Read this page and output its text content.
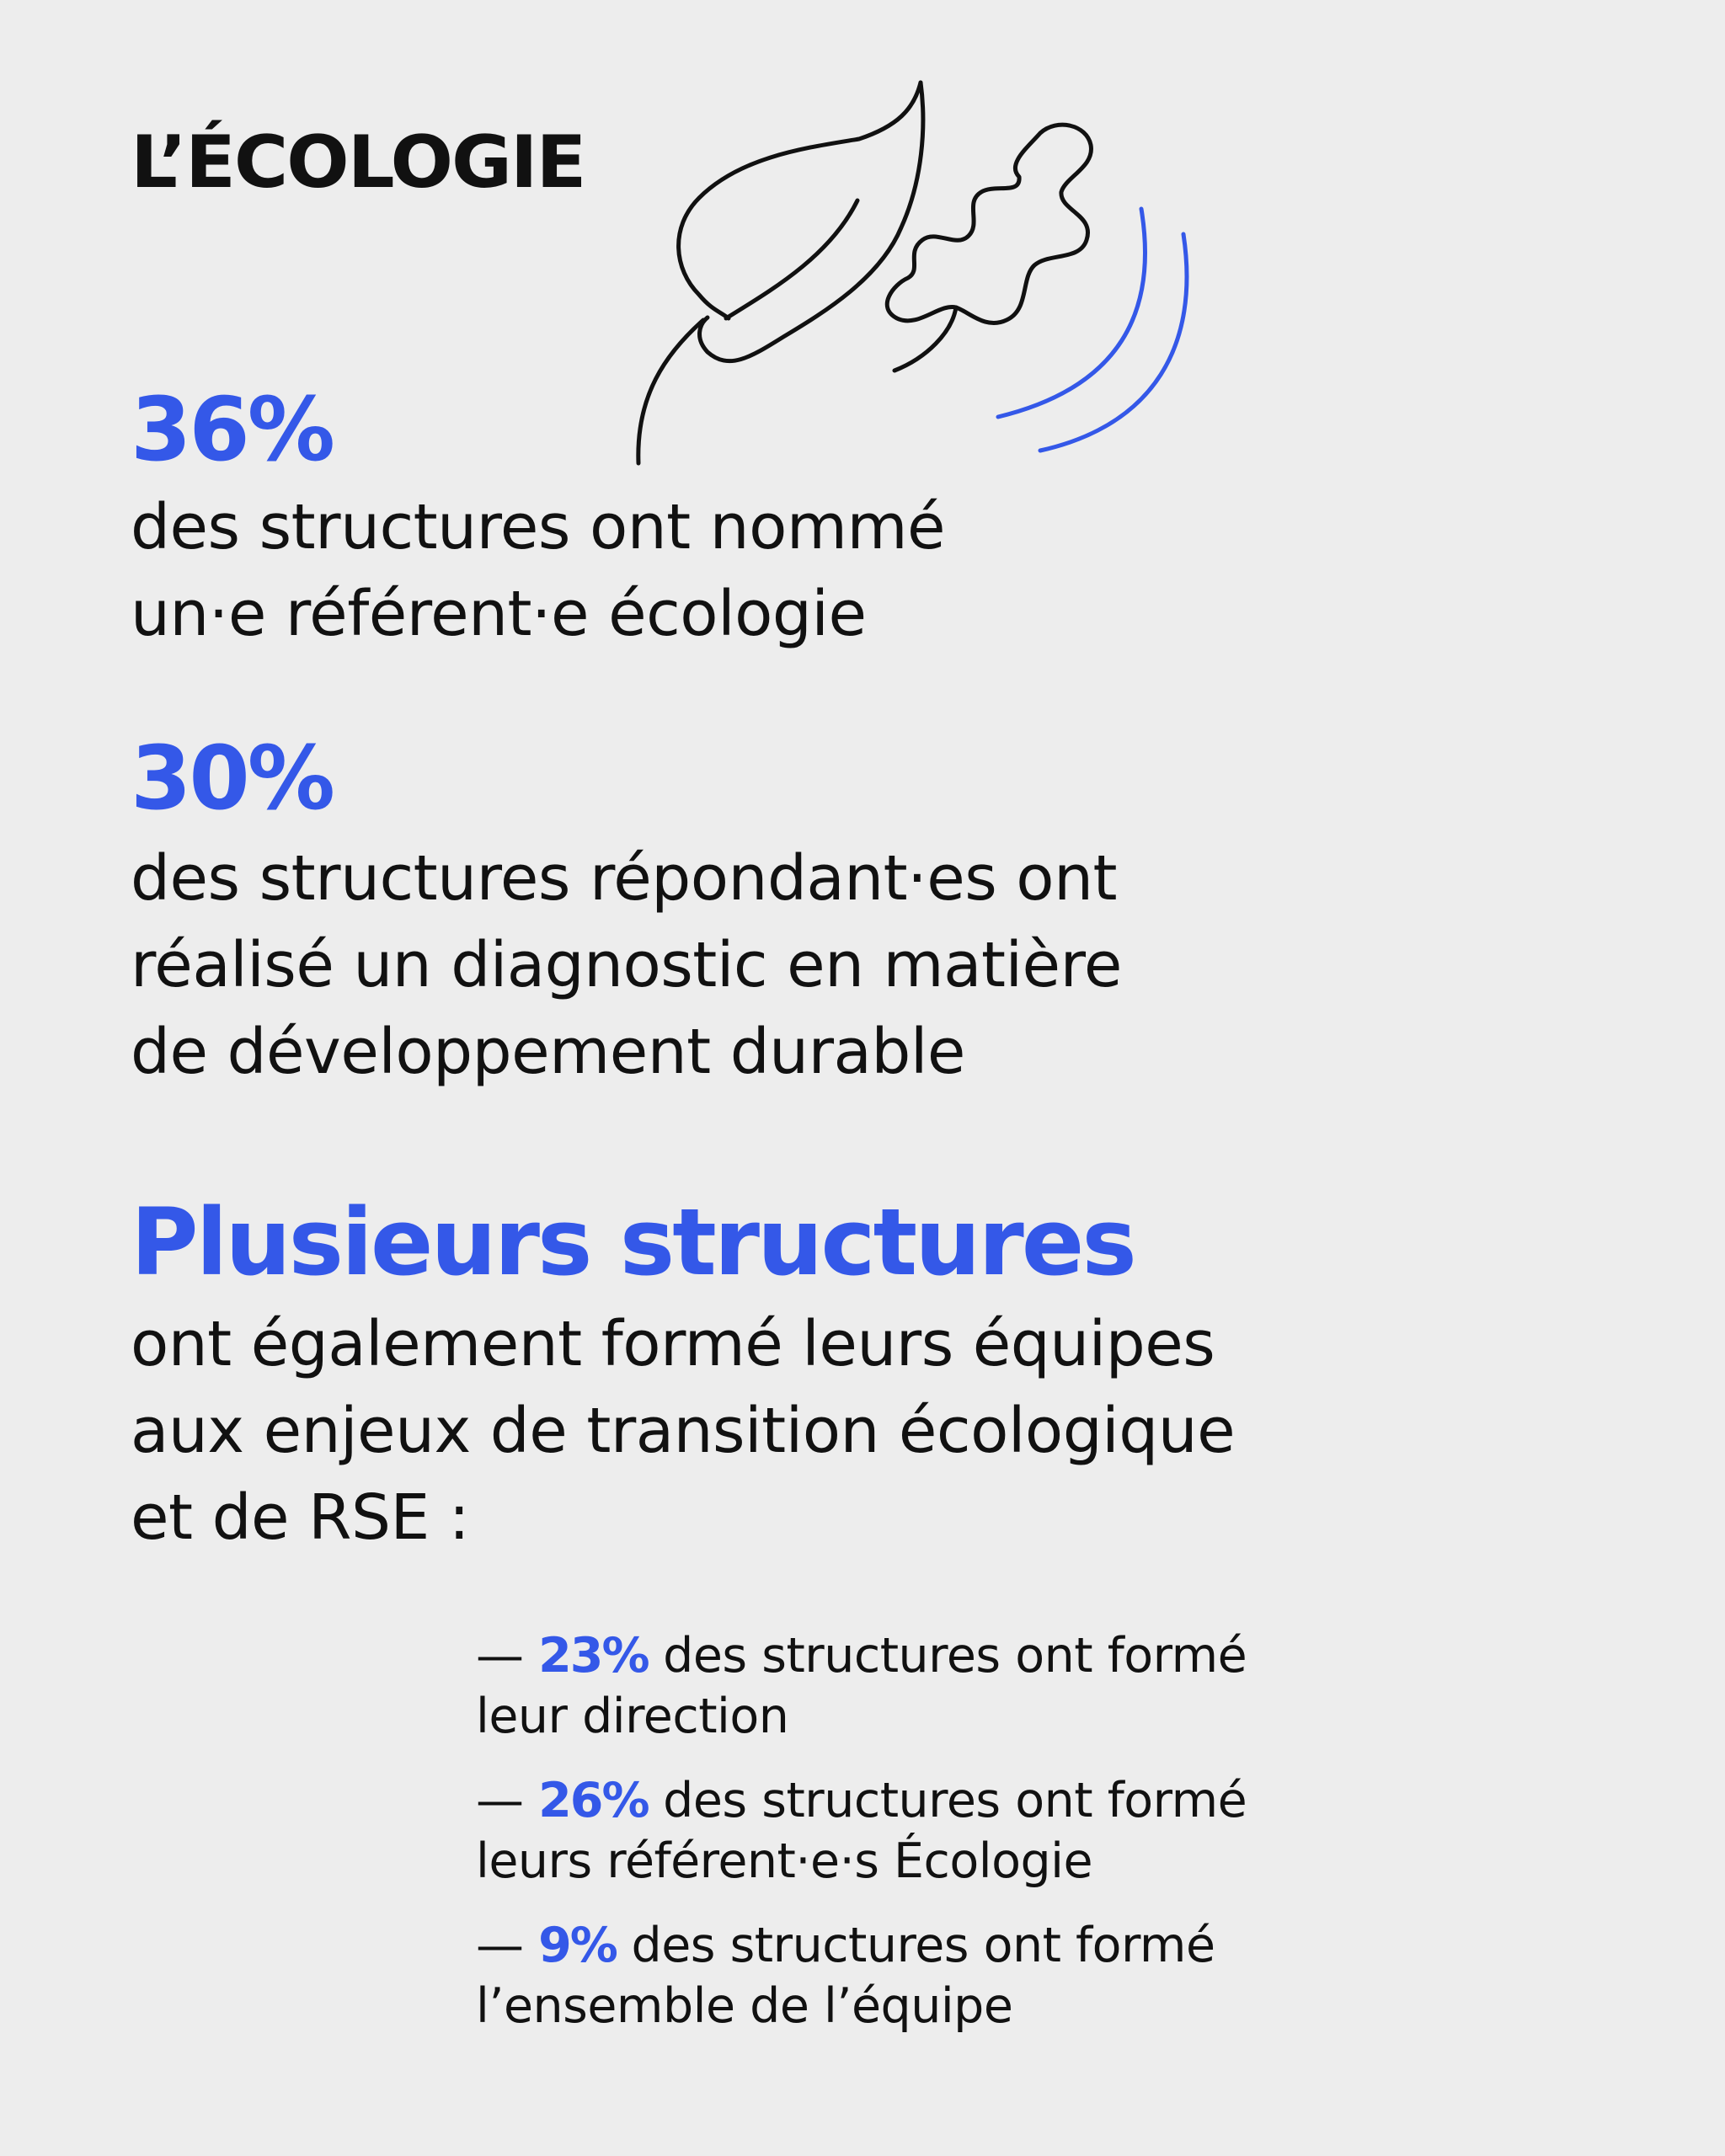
L’ÉCOLOGIE
36%
des structures ont nommé
un·e référent·e écologie
30%
des structures répondant·es ont
réalisé un diagnostic en matière
de développement durable
Plusieurs structures
ont également formé leurs équipes
aux enjeux de transition écologique
et de RSE :
— 23% des structures ont formé
leur direction
— 26% des structures ont formé
leurs référent·e·s Écologie
— 9% des structures ont formé
l’ensemble de l’équipe
